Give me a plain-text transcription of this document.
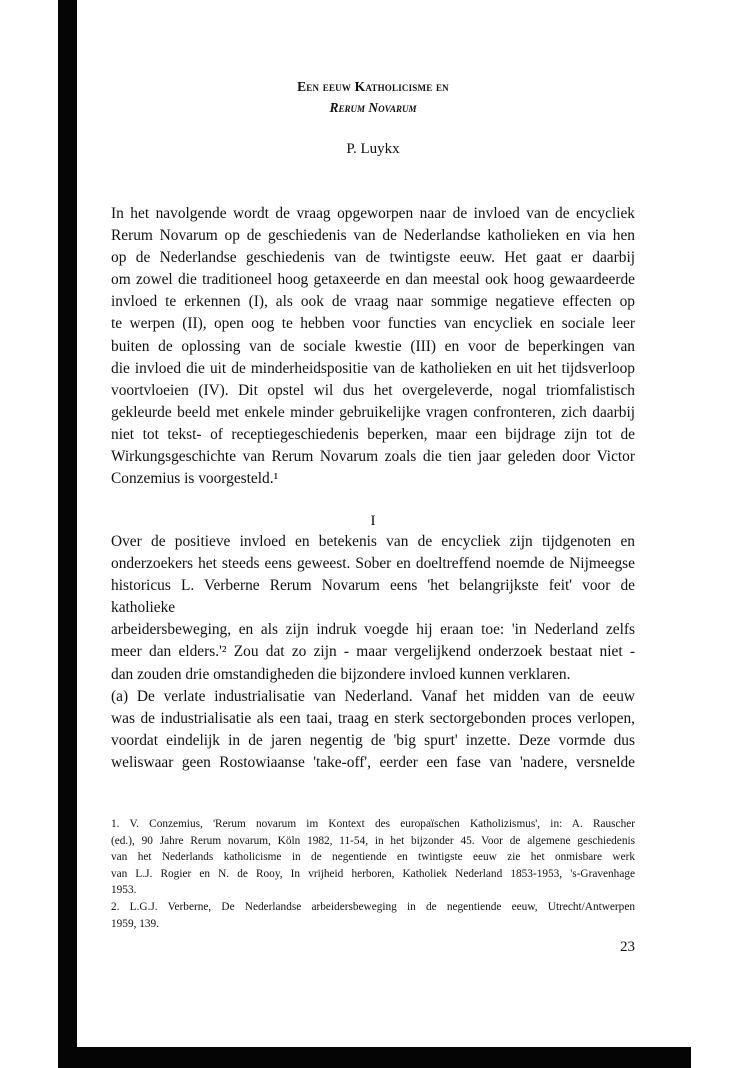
Een eeuw Katholicisme en
Rerum Novarum
P. Luykx

In het navolgende wordt de vraag opgeworpen naar de invloed van de encycliek
Rerum Novarum op de geschiedenis van de Nederlandse katholieken en via hen
op de Nederlandse geschiedenis van de twintigste eeuw. Het gaat er daarbij
om zowel die traditioneel hoog getaxeerde en dan meestal ook hoog gewaardeerde
invloed te erkennen (I), als ook de vraag naar sommige negatieve effecten op
te werpen (II), open oog te hebben voor functies van encycliek en sociale leer
buiten de oplossing van de sociale kwestie (III) en voor de beperkingen van
die invloed die uit de minderheidspositie van de katholieken en uit het tijdsverloop
voortvloeien (IV). Dit opstel wil dus het overgeleverde, nogal triomfalistisch
gekleurde beeld met enkele minder gebruikelijke vragen confronteren, zich daarbij
niet tot tekst- of receptiegeschiedenis beperken, maar een bijdrage zijn tot de
Wirkungsgeschichte van Rerum Novarum zoals die tien jaar geleden door Victor
Conzemius is voorgesteld.¹

I

Over de positieve invloed en betekenis van de encycliek zijn tijdgenoten en
onderzoekers het steeds eens geweest. Sober en doeltreffend noemde de Nijmeegse
historicus L. Verberne Rerum Novarum eens 'het belangrijkste feit' voor de katholieke
arbeidersbeweging, en als zijn indruk voegde hij eraan toe: 'in Nederland zelfs
meer dan elders.'² Zou dat zo zijn - maar vergelijkend onderzoek bestaat niet -
dan zouden drie omstandigheden die bijzondere invloed kunnen verklaren.
(a) De verlate industrialisatie van Nederland. Vanaf het midden van de eeuw
was de industrialisatie als een taai, traag en sterk sectorgebonden proces verlopen,
voordat eindelijk in de jaren negentig de 'big spurt' inzette. Deze vormde dus
weliswaar geen Rostowiaanse 'take-off', eerder een fase van 'nadere, versnelde

1. V. Conzemius, 'Rerum novarum im Kontext des europaïschen Katholizismus', in: A. Rauscher
(ed.), 90 Jahre Rerum novarum, Köln 1982, 11-54, in het bijzonder 45. Voor de algemene geschiedenis
van het Nederlands katholicisme in de negentiende en twintigste eeuw zie het onmisbare werk
van L.J. Rogier en N. de Rooy, In vrijheid herboren, Katholiek Nederland 1853-1953, 's-Gravenhage
1953.
2. L.G.J. Verberne, De Nederlandse arbeidersbeweging in de negentiende eeuw, Utrecht/Antwerpen
1959, 139.
23
